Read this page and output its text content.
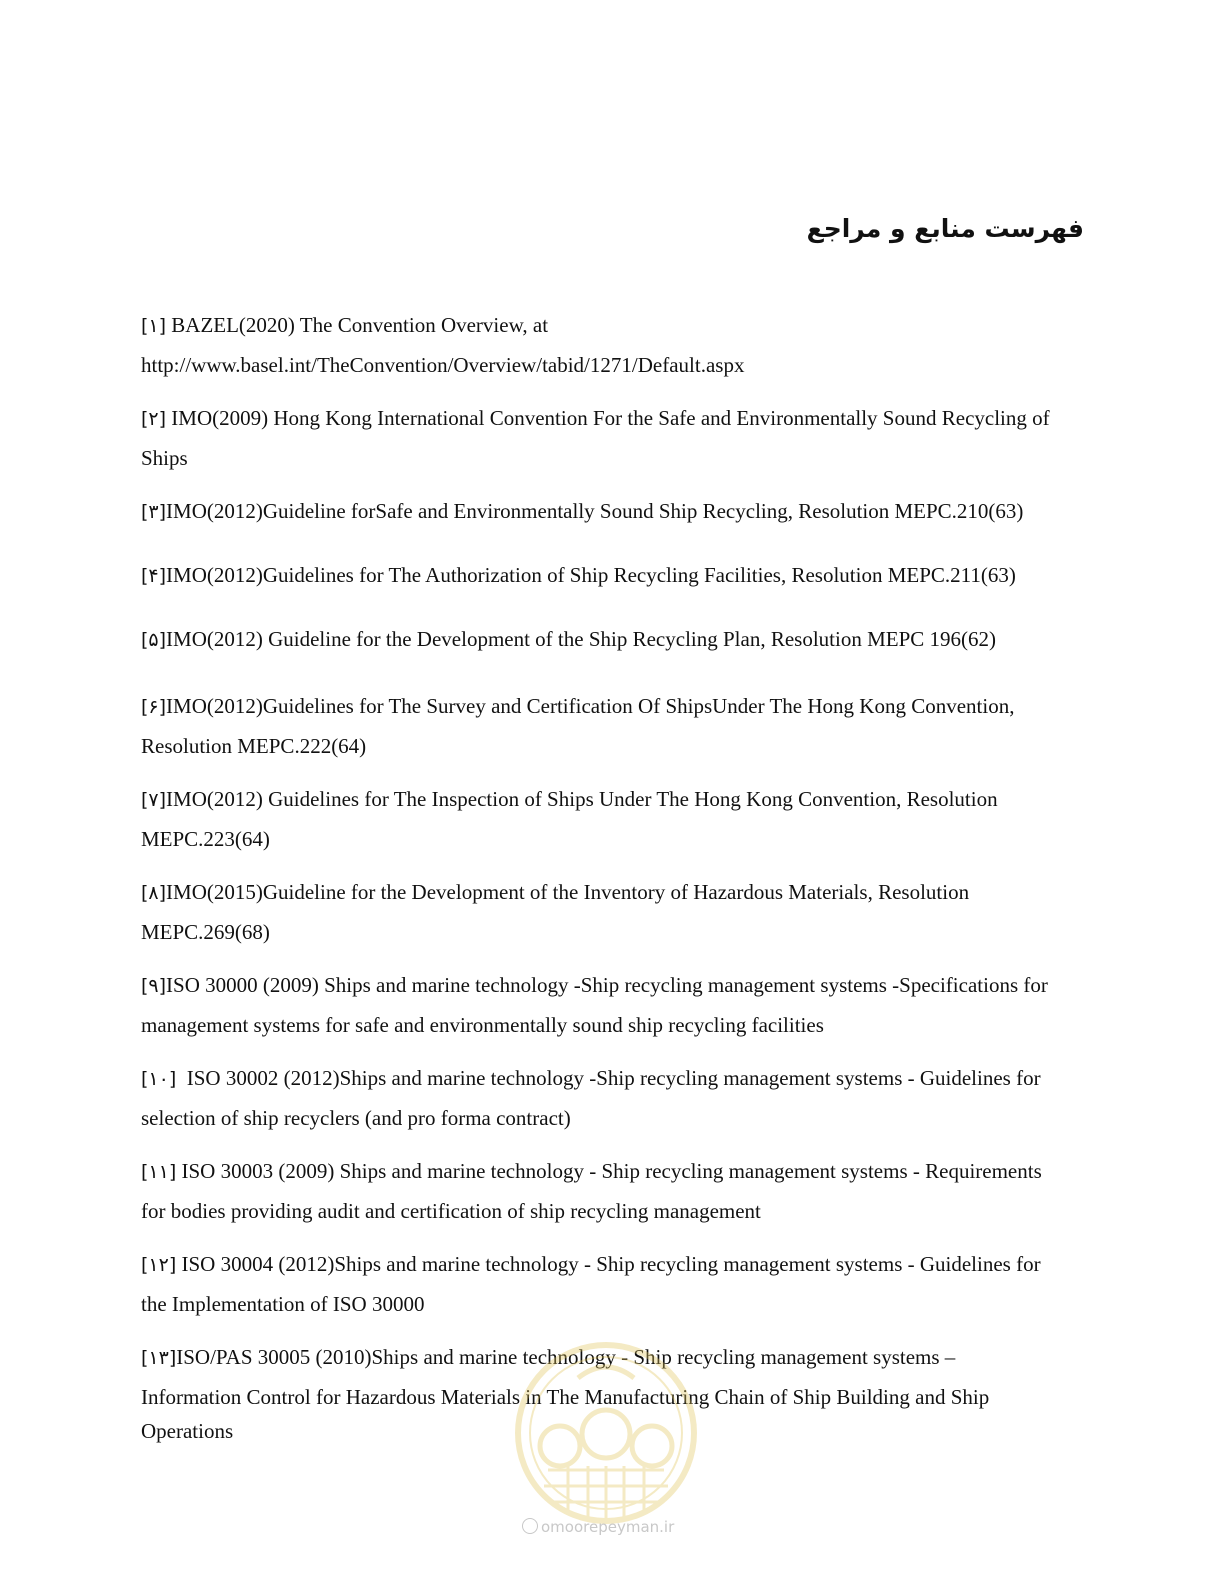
فهرست منابع و مراجع
[۱] BAZEL(2020) The Convention Overview, at
http://www.basel.int/TheConvention/Overview/tabid/1271/Default.aspx
[۲] IMO(2009) Hong Kong International Convention For the Safe and Environmentally Sound Recycling of
Ships
[۳]IMO(2012)Guideline forSafe and Environmentally Sound Ship Recycling, Resolution MEPC.210(63)
[۴]IMO(2012)Guidelines for The Authorization of Ship Recycling Facilities, Resolution MEPC.211(63)
[۵]IMO(2012) Guideline for the Development of the Ship Recycling Plan, Resolution MEPC 196(62)
[۶]IMO(2012)Guidelines for The Survey and Certification Of ShipsUnder The Hong Kong Convention,
Resolution MEPC.222(64)
[۷]IMO(2012) Guidelines for The Inspection of Ships Under The Hong Kong Convention, Resolution
MEPC.223(64)
[۸]IMO(2015)Guideline for the Development of the Inventory of Hazardous Materials, Resolution
MEPC.269(68)
[۹]ISO 30000 (2009) Ships and marine technology -Ship recycling management systems -Specifications for
management systems for safe and environmentally sound ship recycling facilities
[۱۰]  ISO 30002 (2012)Ships and marine technology -Ship recycling management systems - Guidelines for
selection of ship recyclers (and pro forma contract)
[۱۱] ISO 30003 (2009) Ships and marine technology - Ship recycling management systems - Requirements
for bodies providing audit and certification of ship recycling management
[۱۲] ISO 30004 (2012)Ships and marine technology - Ship recycling management systems - Guidelines for
the Implementation of ISO 30000
[۱۳]ISO/PAS 30005 (2010)Ships and marine technology - Ship recycling management systems –
Information Control for Hazardous Materials in The Manufacturing Chain of Ship Building and Ship
Operations
omoorepeyman.ir
